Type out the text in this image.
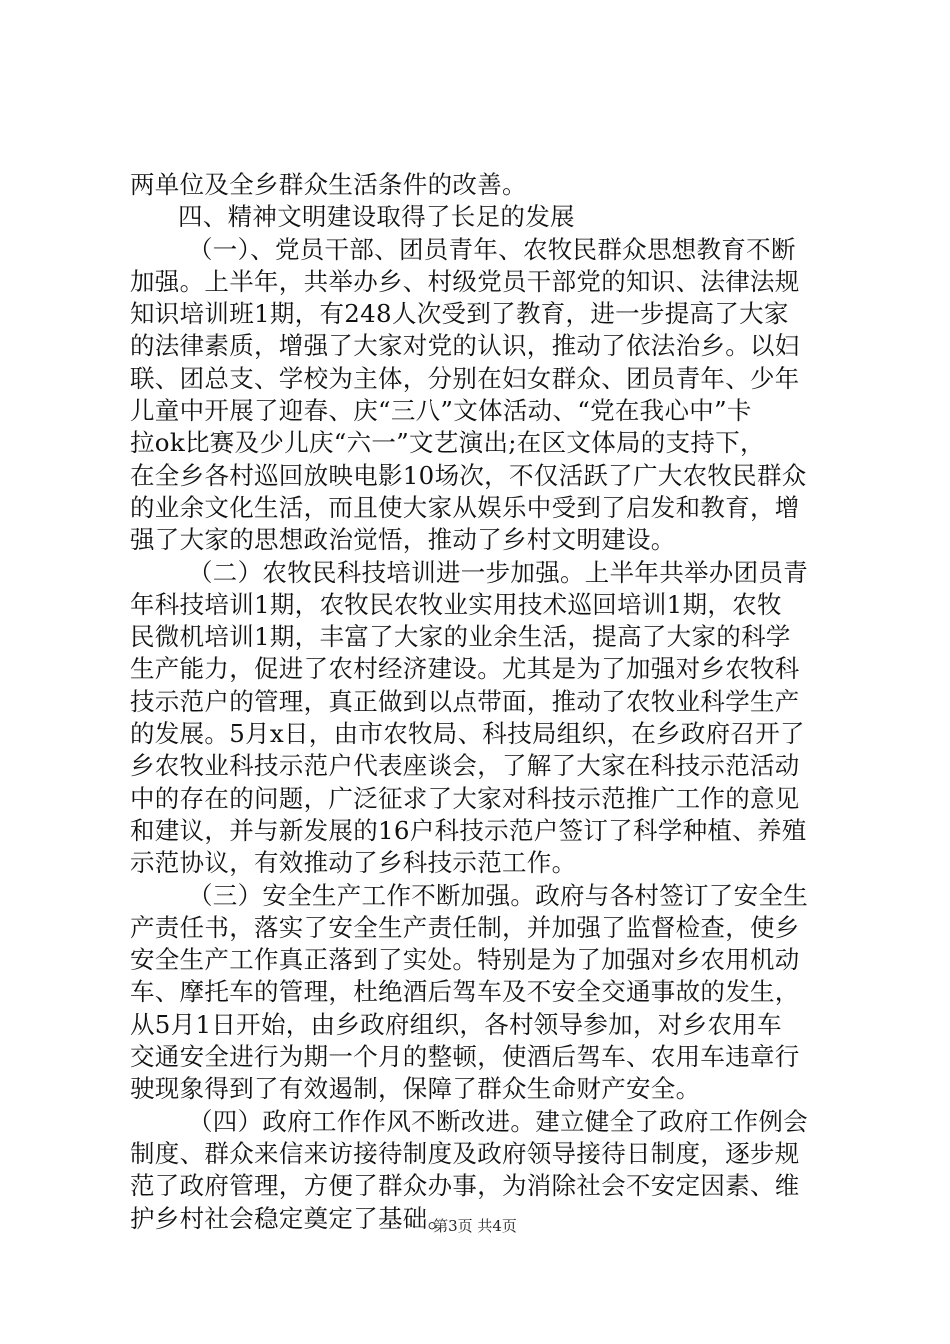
两单位及全乡群众生活条件的改善。
四、精神文明建设取得了长足的发展
（一）、党员干部、团员青年、农牧民群众思想教育不断
加强。上半年，共举办乡、村级党员干部党的知识、法律法规
知识培训班1期，有248人次受到了教育，进一步提高了大家
的法律素质，增强了大家对党的认识，推动了依法治乡。以妇
联、团总支、学校为主体，分别在妇女群众、团员青年、少年
儿童中开展了迎春、庆“三八”文体活动、“党在我心中”卡
拉ok比赛及少儿庆“六一”文艺演出;在区文体局的支持下，
在全乡各村巡回放映电影10场次，不仅活跃了广大农牧民群众
的业余文化生活，而且使大家从娱乐中受到了启发和教育，增
强了大家的思想政治觉悟，推动了乡村文明建设。
（二）农牧民科技培训进一步加强。上半年共举办团员青
年科技培训1期，农牧民农牧业实用技术巡回培训1期，农牧
民微机培训1期，丰富了大家的业余生活，提高了大家的科学
生产能力，促进了农村经济建设。尤其是为了加强对乡农牧科
技示范户的管理，真正做到以点带面，推动了农牧业科学生产
的发展。5月x日，由市农牧局、科技局组织，在乡政府召开了
乡农牧业科技示范户代表座谈会，了解了大家在科技示范活动
中的存在的问题，广泛征求了大家对科技示范推广工作的意见
和建议，并与新发展的16户科技示范户签订了科学种植、养殖
示范协议，有效推动了乡科技示范工作。
（三）安全生产工作不断加强。政府与各村签订了安全生
产责任书，落实了安全生产责任制，并加强了监督检查，使乡
安全生产工作真正落到了实处。特别是为了加强对乡农用机动
车、摩托车的管理，杜绝酒后驾车及不安全交通事故的发生，
从5月1日开始，由乡政府组织，各村领导参加，对乡农用车
交通安全进行为期一个月的整顿，使酒后驾车、农用车违章行
驶现象得到了有效遏制，保障了群众生命财产安全。
（四）政府工作作风不断改进。建立健全了政府工作例会
制度、群众来信来访接待制度及政府领导接待日制度，逐步规
范了政府管理，方便了群众办事，为消除社会不安定因素、维
护乡村社会稳定奠定了基础。
第3页 共4页
